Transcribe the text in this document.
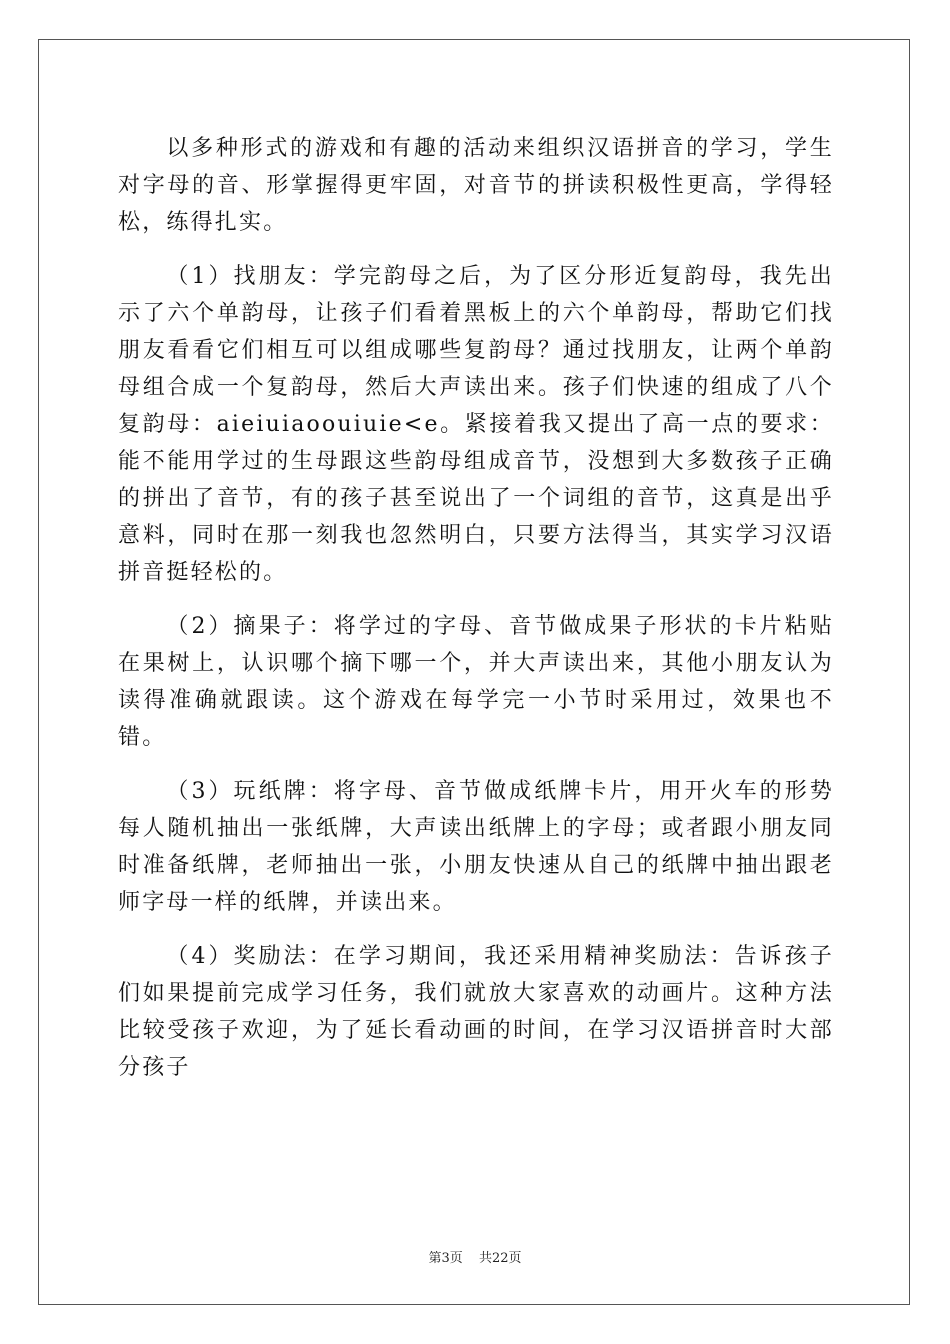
以多种形式的游戏和有趣的活动来组织汉语拼音的学习，学生对字母的音、形掌握得更牢固，对音节的拼读积极性更高，学得轻松，练得扎实。

（1）找朋友：学完韵母之后，为了区分形近复韵母，我先出示了六个单韵母，让孩子们看着黑板上的六个单韵母，帮助它们找朋友看看它们相互可以组成哪些复韵母？通过找朋友，让两个单韵母组合成一个复韵母，然后大声读出来。孩子们快速的组成了八个复韵母：aieiuiaoouiuie<e。紧接着我又提出了高一点的要求：能不能用学过的生母跟这些韵母组成音节，没想到大多数孩子正确的拼出了音节，有的孩子甚至说出了一个词组的音节，这真是出乎意料，同时在那一刻我也忽然明白，只要方法得当，其实学习汉语拼音挺轻松的。

（2）摘果子：将学过的字母、音节做成果子形状的卡片粘贴在果树上，认识哪个摘下哪一个，并大声读出来，其他小朋友认为读得准确就跟读。这个游戏在每学完一小节时采用过，效果也不错。

（3）玩纸牌：将字母、音节做成纸牌卡片，用开火车的形势每人随机抽出一张纸牌，大声读出纸牌上的字母；或者跟小朋友同时准备纸牌，老师抽出一张，小朋友快速从自己的纸牌中抽出跟老师字母一样的纸牌，并读出来。

（4）奖励法：在学习期间，我还采用精神奖励法：告诉孩子们如果提前完成学习任务，我们就放大家喜欢的动画片。这种方法比较受孩子欢迎，为了延长看动画的时间，在学习汉语拼音时大部分孩子

第3页 共22页
